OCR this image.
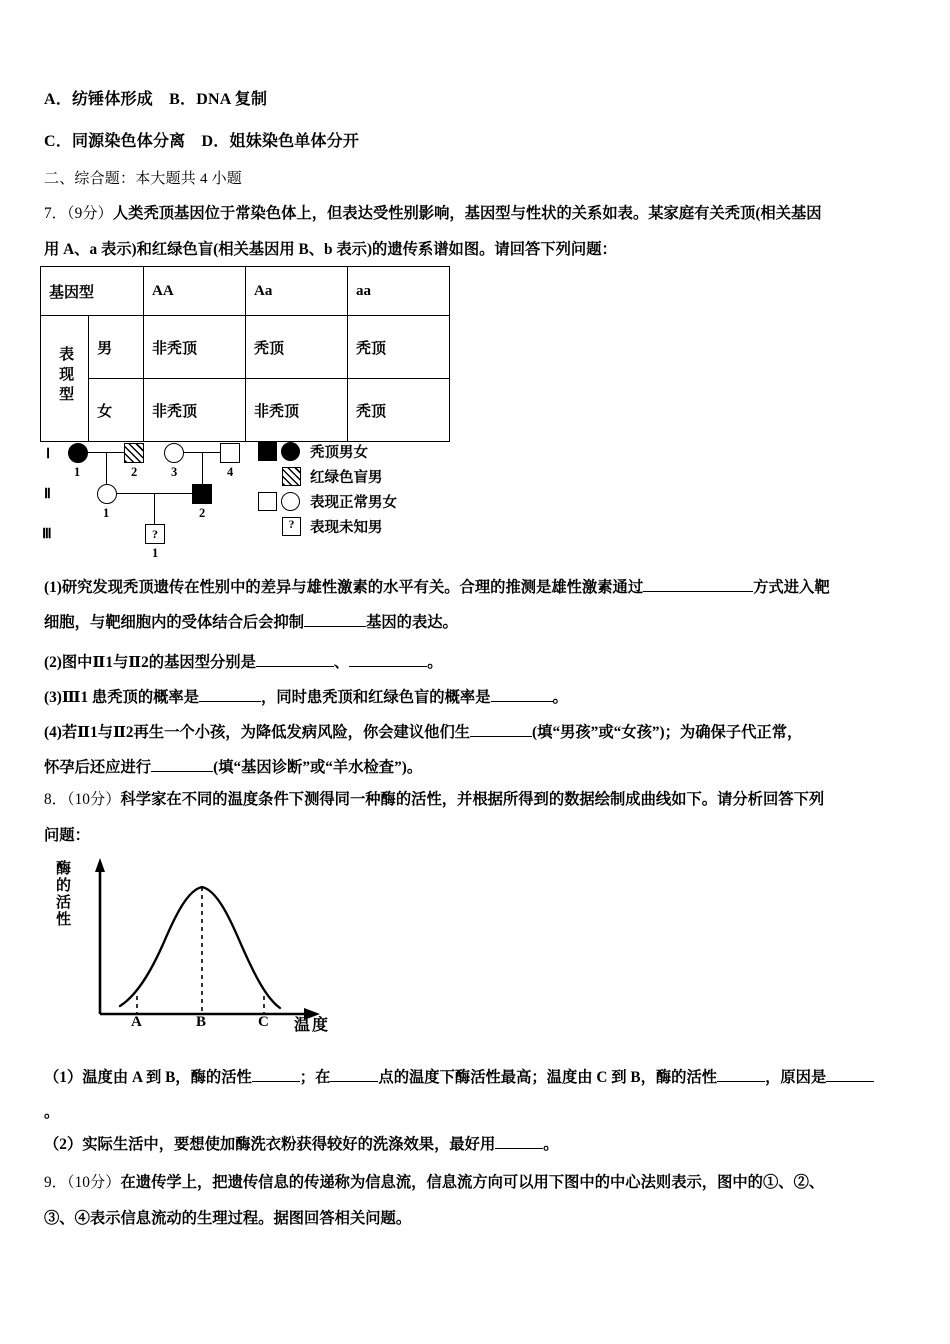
A．纺锤体形成　B．DNA 复制
C．同源染色体分离　D．姐妹染色单体分开
二、综合题：本大题共 4 小题
7．（9分）人类秃顶基因位于常染色体上，但表达受性别影响，基因型与性状的关系如表。某家庭有关秃顶(相关基因
用 A、a 表示)和红绿色盲(相关基因用 B、b 表示)的遗传系谱如图。请回答下列问题：
基因型		AA	Aa	aa
表现型	男	非秃顶	秃顶	秃顶
	女	非秃顶	非秃顶	秃顶
Ⅰ
Ⅱ
Ⅲ
1	2	3	4
1	2
?
1
秃顶男女
红绿色盲男
表现正常男女
? 表现未知男
(1)研究发现秃顶遗传在性别中的差异与雄性激素的水平有关。合理的推测是雄性激素通过	方式进入靶
细胞，与靶细胞内的受体结合后会抑制	基因的表达。
(2)图中Ⅱ1与Ⅱ2的基因型分别是	、	。
(3)Ⅲ1 患秃顶的概率是	，同时患秃顶和红绿色盲的概率是	。
(4)若Ⅱ1与Ⅱ2再生一个小孩，为降低发病风险，你会建议他们生	(填“男孩”或“女孩”)；为确保子代正常，
怀孕后还应进行	(填“基因诊断”或“羊水检查”)。
8．（10分）科学家在不同的温度条件下测得同一种酶的活性，并根据所得到的数据绘制成曲线如下。请分析回答下列
问题：
酶的活性
A	B	C 温度
（1）温度由 A 到 B，酶的活性	；在	点的温度下酶活性最高；温度由 C 到 B，酶的活性	，原因是
。
（2）实际生活中，要想使加酶洗衣粉获得较好的洗涤效果，最好用	。
9．（10分）在遗传学上，把遗传信息的传递称为信息流，信息流方向可以用下图中的中心法则表示，图中的①、②、
③、④表示信息流动的生理过程。据图回答相关问题。
